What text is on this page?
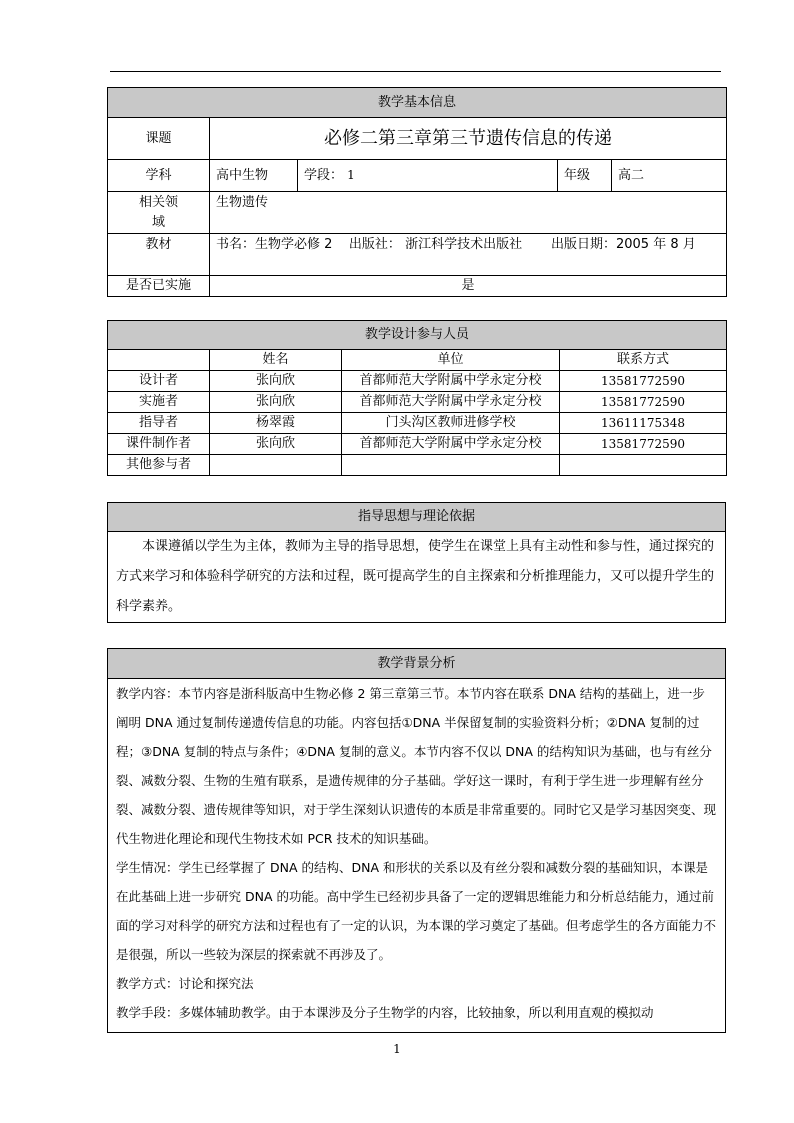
教学基本信息				
课题	必修二第三章第三节遗传信息的传递			
学科	高中生物	学段： 1	年级	高二
相关领域	生物遗传			
教材	书名：生物学必修 2    出版社： 浙江科学技术出版社       出版日期：2005 年 8 月			
是否已实施	是			
教学设计参与人员			
	姓名	单位	联系方式
设计者	张向欣	首都师范大学附属中学永定分校	13581772590
实施者	张向欣	首都师范大学附属中学永定分校	13581772590
指导者	杨翠霞	门头沟区教师进修学校	13611175348
课件制作者	张向欣	首都师范大学附属中学永定分校	13581772590
其他参与者			
指导思想与理论依据
本课遵循以学生为主体，教师为主导的指导思想，使学生在课堂上具有主动性和参与性，通过探究的方式来学习和体验科学研究的方法和过程，既可提高学生的自主探索和分析推理能力，又可以提升学生的科学素养。
教学背景分析

教学内容：本节内容是浙科版高中生物必修 2 第三章第三节。本节内容在联系 DNA 结构的基础上，进一步阐明 DNA 通过复制传递遗传信息的功能。内容包括①DNA 半保留复制的实验资料分析；②DNA 复制的过程；③DNA 复制的特点与条件；④DNA 复制的意义。本节内容不仅以 DNA 的结构知识为基础，也与有丝分裂、减数分裂、生物的生殖有联系，是遗传规律的分子基础。学好这一课时，有利于学生进一步理解有丝分裂、减数分裂、遗传规律等知识，对于学生深刻认识遗传的本质是非常重要的。同时它又是学习基因突变、现代生物进化理论和现代生物技术如 PCR 技术的知识基础。
学生情况：学生已经掌握了 DNA 的结构、DNA 和形状的关系以及有丝分裂和减数分裂的基础知识，本课是在此基础上进一步研究 DNA 的功能。高中学生已经初步具备了一定的逻辑思维能力和分析总结能力，通过前面的学习对科学的研究方法和过程也有了一定的认识，为本课的学习奠定了基础。但考虑学生的各方面能力不是很强，所以一些较为深层的探索就不再涉及了。
教学方式：讨论和探究法
教学手段：多媒体辅助教学。由于本课涉及分子生物学的内容，比较抽象，所以利用直观的模拟动
1
